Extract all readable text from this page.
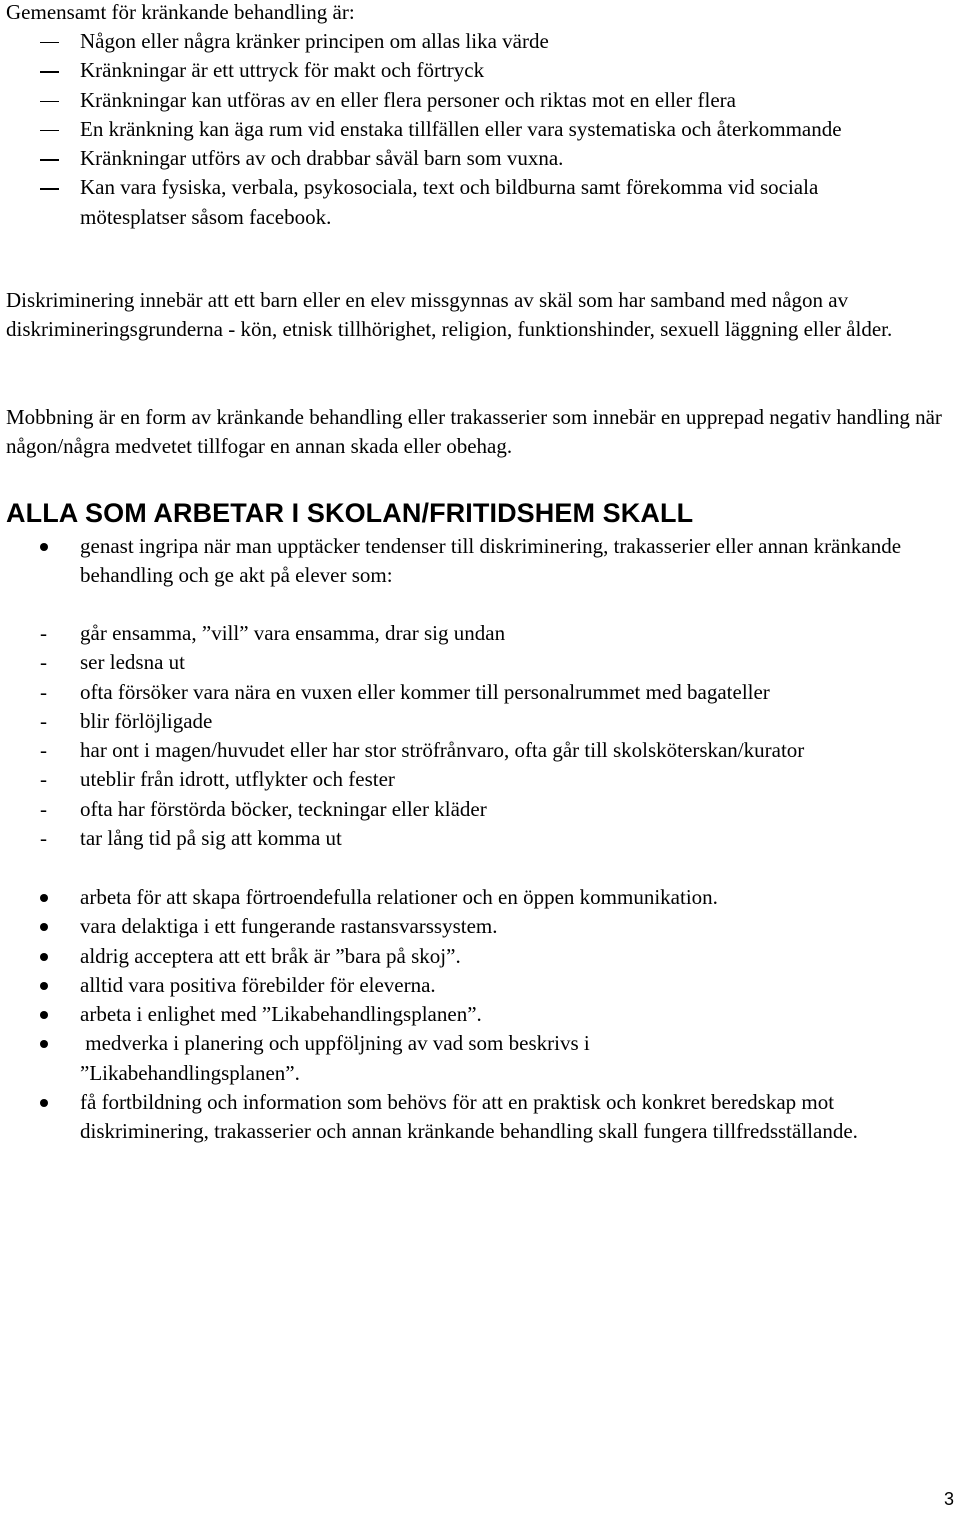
Gemensamt för kränkande behandling är:

Någon eller några kränker principen om allas lika värde
Kränkningar är ett uttryck för makt och förtryck
Kränkningar kan utföras av en eller flera personer och riktas mot en eller flera
En kränkning kan äga rum vid enstaka tillfällen eller vara systematiska och återkommande
Kränkningar utförs av och drabbar såväl barn som vuxna.
Kan vara fysiska, verbala, psykosociala, text och bildburna samt förekomma vid sociala mötesplatser såsom facebook.

Diskriminering innebär att ett barn eller en elev missgynnas av skäl som har samband med någon av diskrimineringsgrunderna - kön, etnisk tillhörighet, religion, funktionshinder, sexuell läggning eller ålder.

Mobbning är en form av kränkande behandling eller trakasserier som innebär en upprepad negativ handling när någon/några medvetet tillfogar en annan skada eller obehag.

ALLA SOM ARBETAR I SKOLAN/FRITIDSHEM SKALL
genast ingripa när man upptäcker tendenser till diskriminering, trakasserier eller annan kränkande behandling och ge akt på elever som:
- går ensamma, ”vill” vara ensamma, drar sig undan
- ser ledsna ut
- ofta försöker vara nära en vuxen eller kommer till personalrummet med bagateller
- blir förlöjligade
- har ont i magen/huvudet eller har stor ströfrånvaro, ofta går till skolsköterskan/kurator
- uteblir från idrott, utflykter och fester
- ofta har förstörda böcker, teckningar eller kläder
- tar lång tid på sig att komma ut
arbeta för att skapa förtroendefulla relationer och en öppen kommunikation.
vara delaktiga i ett fungerande rastansvarssystem.
aldrig acceptera att ett bråk är ”bara på skoj”.
alltid vara positiva förebilder för eleverna.
arbeta i enlighet med ”Likabehandlingsplanen”.
medverka i planering och uppföljning av vad som beskrivs i ”Likabehandlingsplanen”.
få fortbildning och information som behövs för att en praktisk och konkret beredskap mot diskriminering, trakasserier och annan kränkande behandling skall fungera tillfredsställande.
3
